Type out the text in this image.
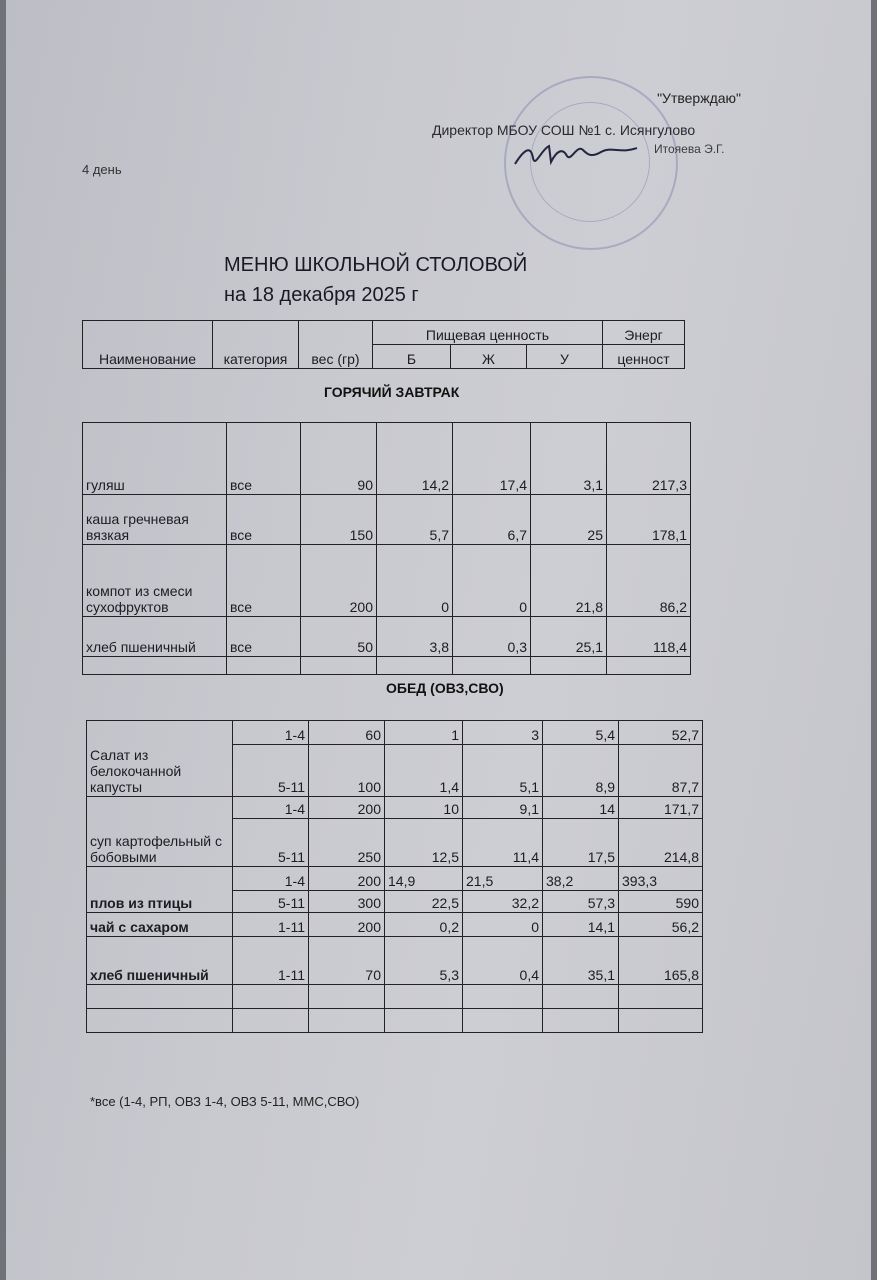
"Утверждаю"
Директор МБОУ СОШ №1 с. Исянгулово
Итояева Э.Г.
4 день
МЕНЮ ШКОЛЬНОЙ СТОЛОВОЙ
на 18 декабря 2025 г
Наименование	категория	вес (гр)	Пищевая ценность			Энерг
			Б	Ж	У	ценност
ГОРЯЧИЙ ЗАВТРАК
гуляш	все	90	14,2	17,4	3,1	217,3
каша гречневая вязкая	все	150	5,7	6,7	25	178,1
компот из смеси сухофруктов	все	200	0	0	21,8	86,2
хлеб пшеничный	все	50	3,8	0,3	25,1	118,4

ОБЕД (ОВЗ,СВО)
Салат из белокочанной капусты	1-4	60	1	3	5,4	52,7
	5-11	100	1,4	5,1	8,9	87,7
суп картофельный с бобовыми	1-4	200	10	9,1	14	171,7
	5-11	250	12,5	11,4	17,5	214,8
плов из птицы	1-4	200	14,9	21,5	38,2	393,3
	5-11	300	22,5	32,2	57,3	590
чай с сахаром	1-11	200	0,2	0	14,1	56,2
хлеб пшеничный	1-11	70	5,3	0,4	35,1	165,8

*все (1-4, РП, ОВЗ 1-4, ОВЗ 5-11, ММС,СВО)
